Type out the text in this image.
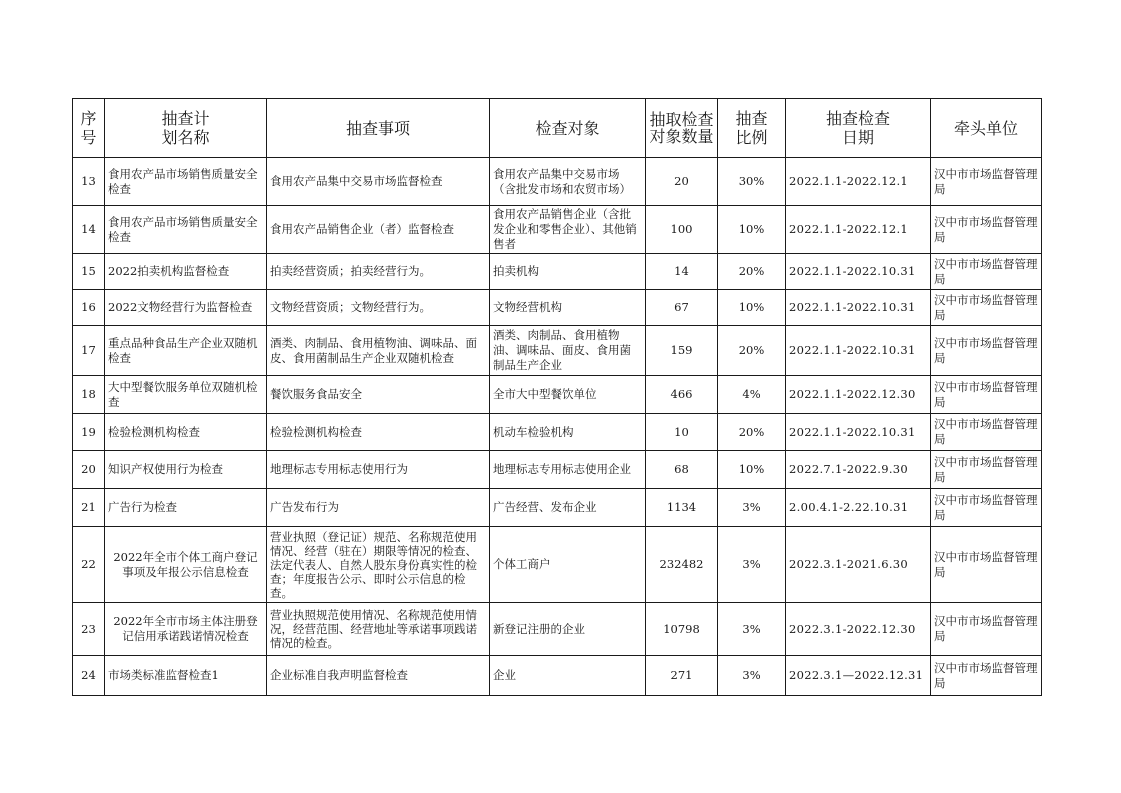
序号	抽查计划名称	抽查事项	检查对象	抽取检查对象数量	抽查比例	抽查检查日期	牵头单位
13	食用农产品市场销售质量安全检查	食用农产品集中交易市场监督检查	食用农产品集中交易市场（含批发市场和农贸市场）	20	30%	2022.1.1-2022.12.1	汉中市市场监督管理局
14	食用农产品市场销售质量安全检查	食用农产品销售企业（者）监督检查	食用农产品销售企业（含批发企业和零售企业）、其他销售者	100	10%	2022.1.1-2022.12.1	汉中市市场监督管理局
15	2022拍卖机构监督检查	拍卖经营资质；拍卖经营行为。	拍卖机构	14	20%	2022.1.1-2022.10.31	汉中市市场监督管理局
16	2022文物经营行为监督检查	文物经营资质；文物经营行为。	文物经营机构	67	10%	2022.1.1-2022.10.31	汉中市市场监督管理局
17	重点品种食品生产企业双随机检查	酒类、肉制品、食用植物油、调味品、面皮、食用菌制品生产企业双随机检查	酒类、肉制品、食用植物油、调味品、面皮、食用菌制品生产企业	159	20%	2022.1.1-2022.10.31	汉中市市场监督管理局
18	大中型餐饮服务单位双随机检查	餐饮服务食品安全	全市大中型餐饮单位	466	4%	2022.1.1-2022.12.30	汉中市市场监督管理局
19	检验检测机构检查	检验检测机构检查	机动车检验机构	10	20%	2022.1.1-2022.10.31	汉中市市场监督管理局
20	知识产权使用行为检查	地理标志专用标志使用行为	地理标志专用标志使用企业	68	10%	2022.7.1-2022.9.30	汉中市市场监督管理局
21	广告行为检查	广告发布行为	广告经营、发布企业	1134	3%	2.00.4.1-2.22.10.31	汉中市市场监督管理局
22	2022年全市个体工商户登记事项及年报公示信息检查	营业执照（登记证）规范、名称规范使用情况、经营（驻在）期限等情况的检查、法定代表人、自然人股东身份真实性的检查；年度报告公示、即时公示信息的检查。	个体工商户	232482	3%	2022.3.1-2021.6.30	汉中市市场监督管理局
23	2022年全市市场主体注册登记信用承诺践诺情况检查	营业执照规范使用情况、名称规范使用情况，经营范围、经营地址等承诺事项践诺情况的检查。	新登记注册的企业	10798	3%	2022.3.1-2022.12.30	汉中市市场监督管理局
24	市场类标准监督检查1	企业标准自我声明监督检查	企业	271	3%	2022.3.1—2022.12.31	汉中市市场监督管理局
